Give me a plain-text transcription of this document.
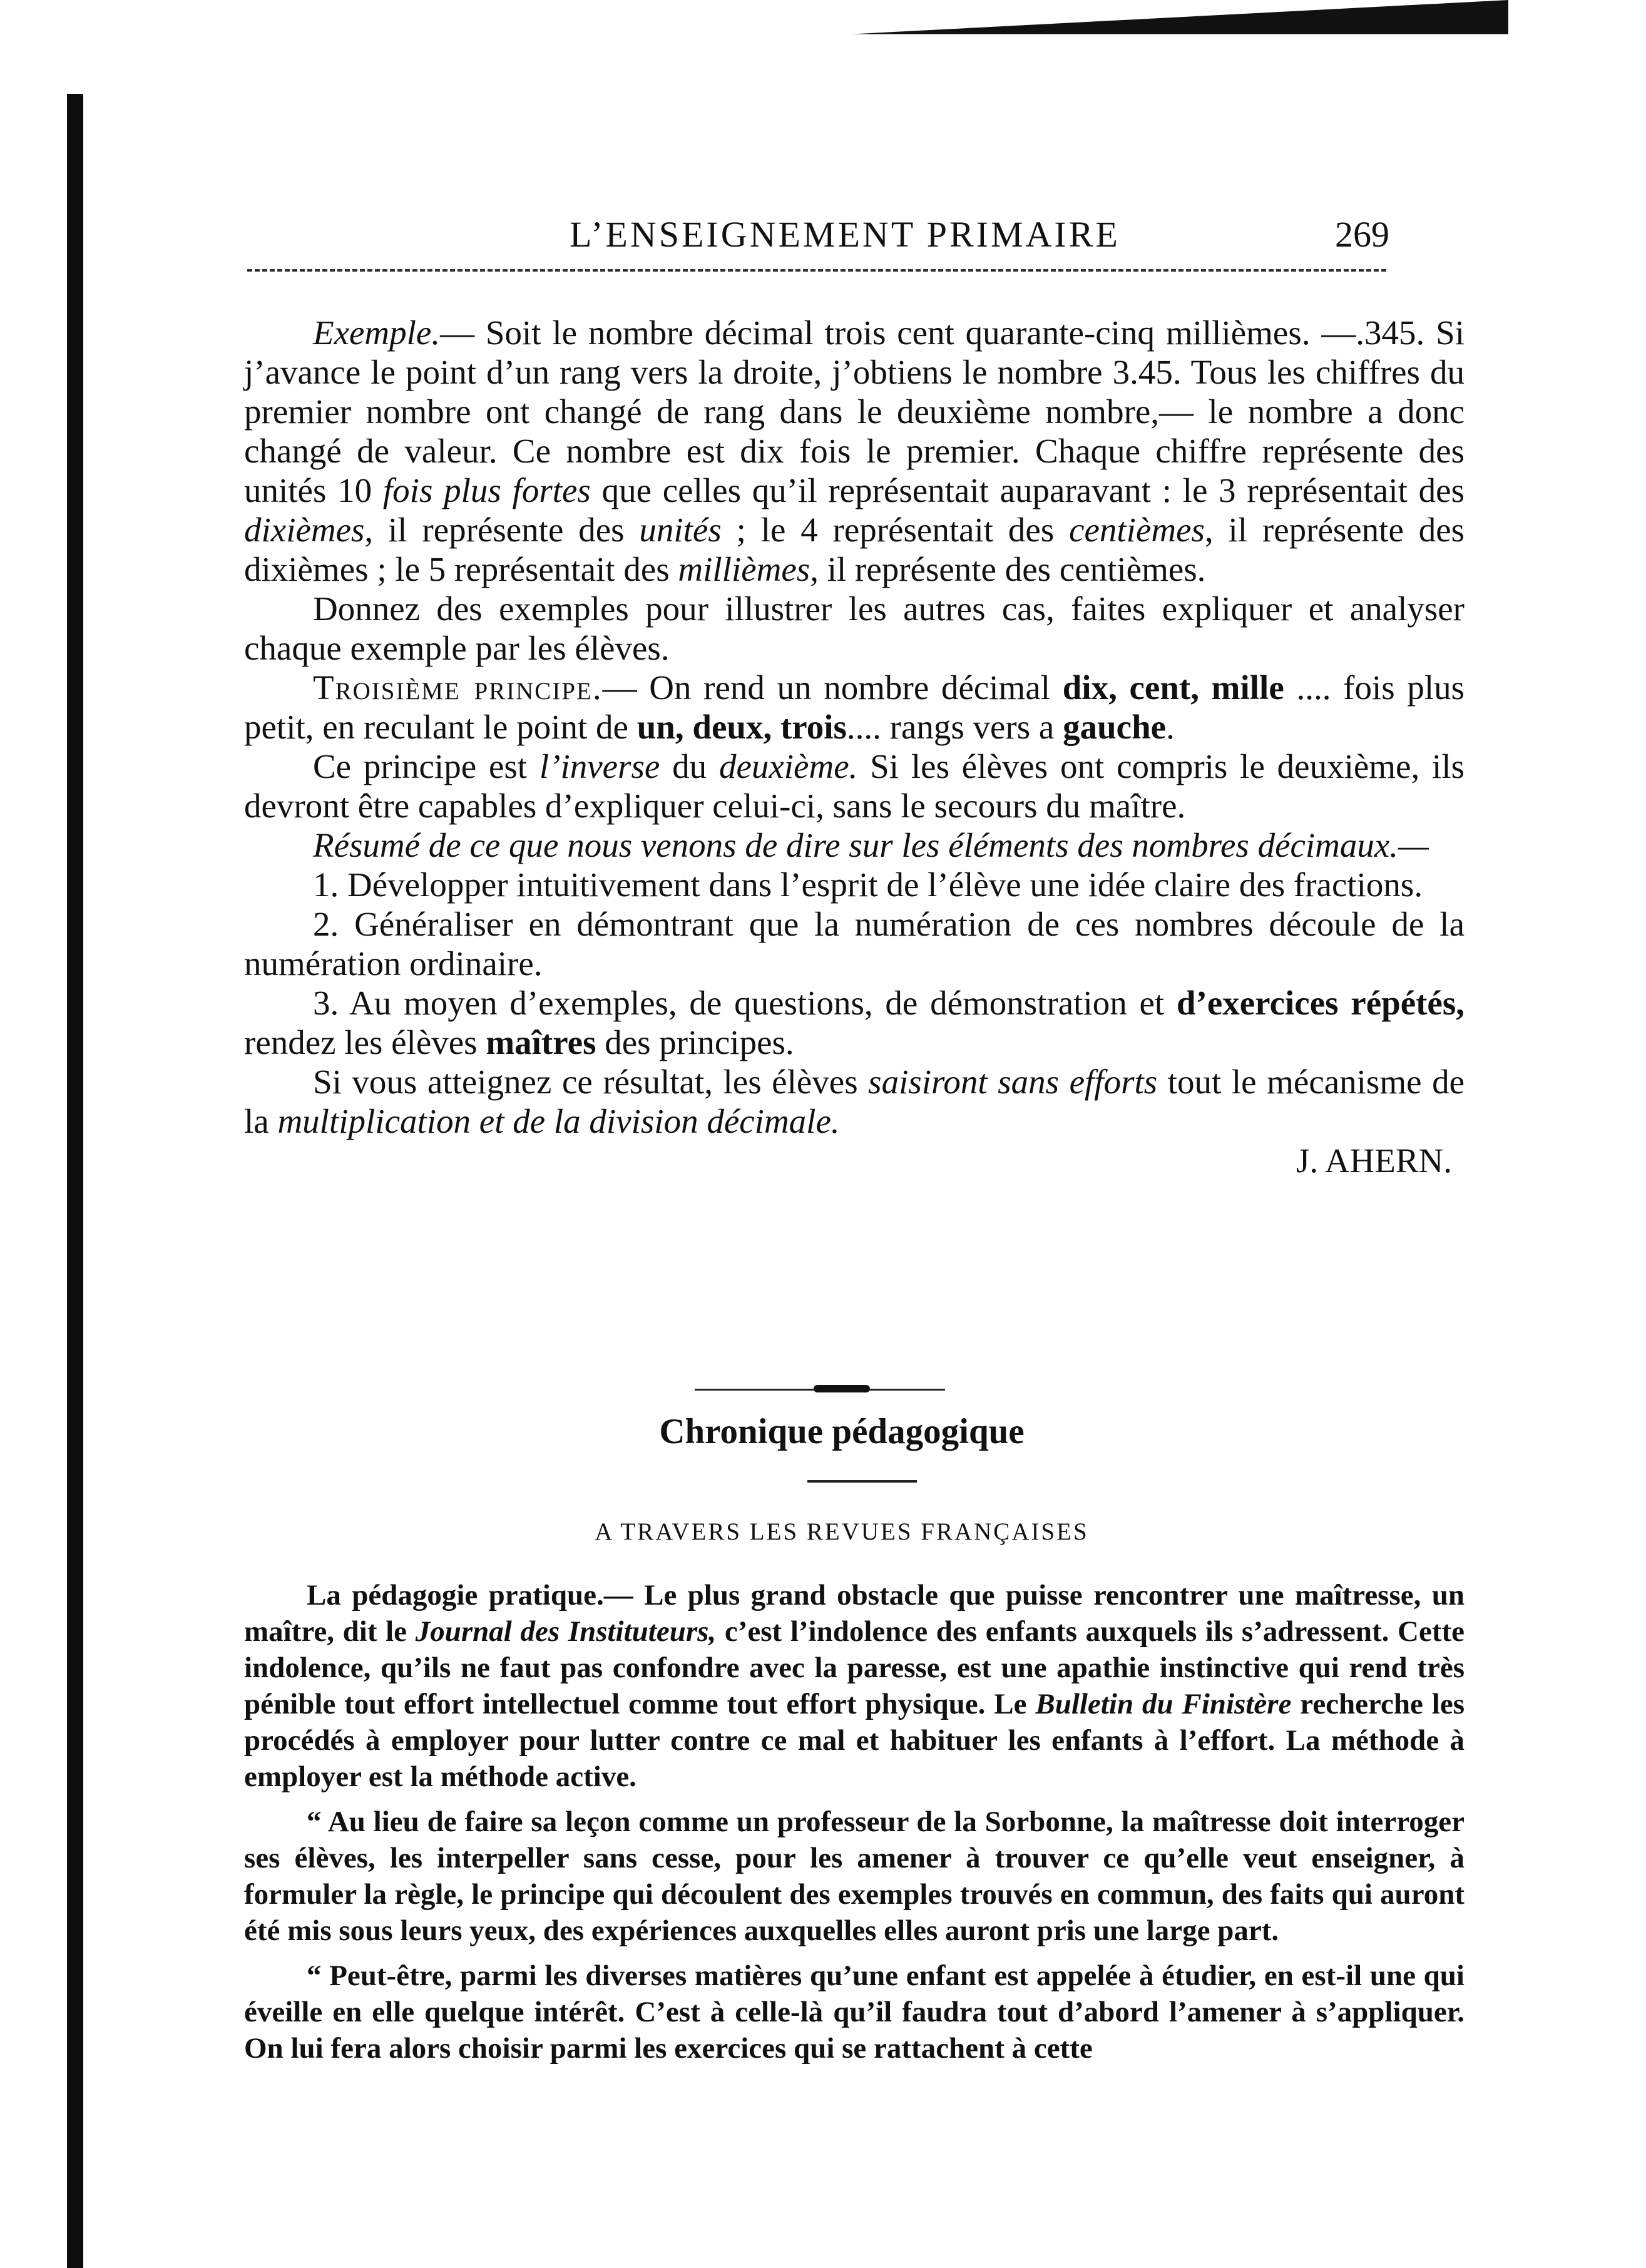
L’ENSEIGNEMENT PRIMAIRE	269

Exemple.— Soit le nombre décimal trois cent quarante-cinq millièmes. —.345. Si j’avance le point d’un rang vers la droite, j’obtiens le nombre 3.45. Tous les chiffres du premier nombre ont changé de rang dans le deuxième nombre,— le nombre a donc changé de valeur. Ce nombre est dix fois le premier. Chaque chiffre représente des unités 10 fois plus fortes que celles qu’il représentait auparavant : le 3 représentait des dixièmes, il représente des unités ; le 4 représentait des centièmes, il représente des dixièmes ; le 5 représentait des millièmes, il représente des centièmes.

Donnez des exemples pour illustrer les autres cas, faites expliquer et analyser chaque exemple par les élèves.

Troisième principe.— On rend un nombre décimal dix, cent, mille .... fois plus petit, en reculant le point de un, deux, trois.... rangs vers a gauche.

Ce principe est l’inverse du deuxième. Si les élèves ont compris le deuxième, ils devront être capables d’expliquer celui-ci, sans le secours du maître.

Résumé de ce que nous venons de dire sur les éléments des nombres décimaux.—

1. Développer intuitivement dans l’esprit de l’élève une idée claire des fractions.

2. Généraliser en démontrant que la numération de ces nombres découle de la numération ordinaire.

3. Au moyen d’exemples, de questions, de démonstration et d’exercices répétés, rendez les élèves maîtres des principes.

Si vous atteignez ce résultat, les élèves saisiront sans efforts tout le mécanisme de la multiplication et de la division décimale.

J. AHERN.

Chronique pédagogique
A TRAVERS LES REVUES FRANÇAISES

La pédagogie pratique.— Le plus grand obstacle que puisse rencontrer une maîtresse, un maître, dit le Journal des Instituteurs, c’est l’indolence des enfants auxquels ils s’adressent. Cette indolence, qu’ils ne faut pas confondre avec la paresse, est une apathie instinctive qui rend très pénible tout effort intellectuel comme tout effort physique. Le Bulletin du Finistère recherche les procédés à employer pour lutter contre ce mal et habituer les enfants à l’effort. La méthode à employer est la méthode active.

“ Au lieu de faire sa leçon comme un professeur de la Sorbonne, la maîtresse doit interroger ses élèves, les interpeller sans cesse, pour les amener à trouver ce qu’elle veut enseigner, à formuler la règle, le principe qui découlent des exemples trouvés en commun, des faits qui auront été mis sous leurs yeux, des expériences auxquelles elles auront pris une large part.

“ Peut-être, parmi les diverses matières qu’une enfant est appelée à étudier, en est-il une qui éveille en elle quelque intérêt. C’est à celle-là qu’il faudra tout d’abord l’amener à s’appliquer. On lui fera alors choisir parmi les exercices qui se rattachent à cette
